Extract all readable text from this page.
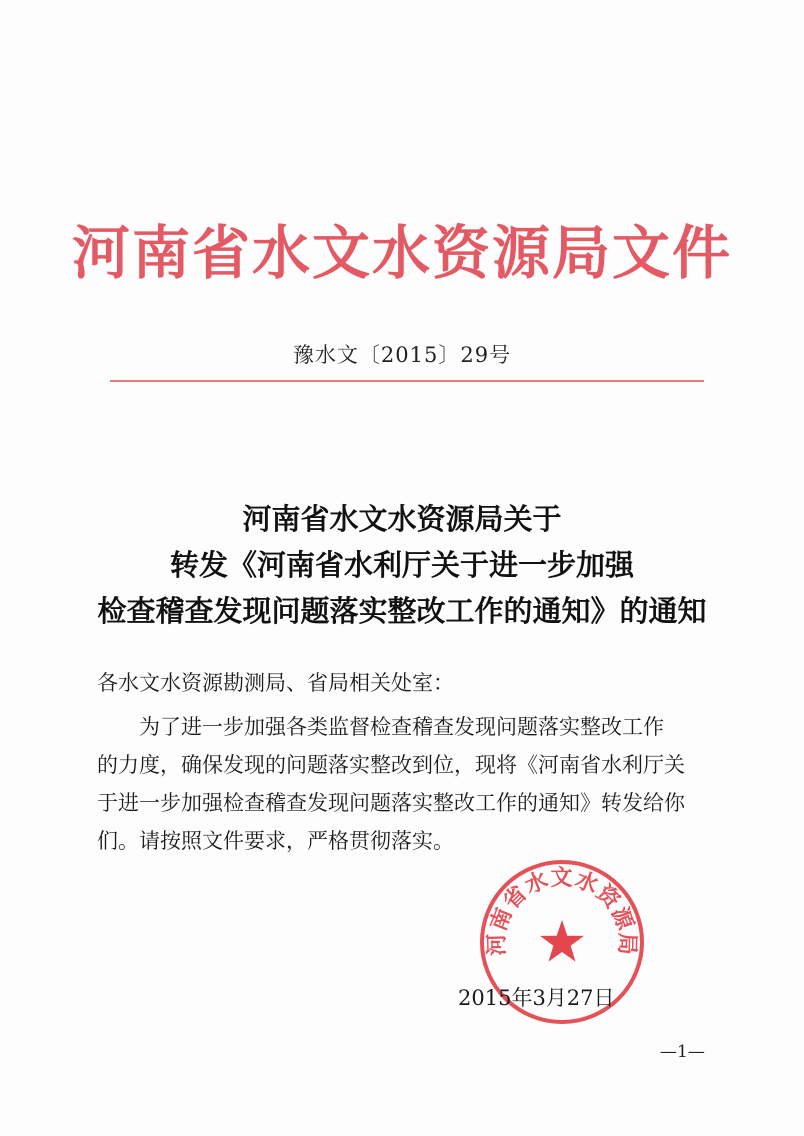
河南省水文水资源局文件
豫水文〔2015〕29号
河南省水文水资源局关于
转发《河南省水利厅关于进一步加强
检查稽查发现问题落实整改工作的通知》的通知
各水文水资源勘测局、省局相关处室：
为了进一步加强各类监督检查稽查发现问题落实整改工作
的力度，确保发现的问题落实整改到位，现将《河南省水利厅关
于进一步加强检查稽查发现问题落实整改工作的通知》转发给你
们。请按照文件要求，严格贯彻落实。
河南省水文水资源局
2015年3月27日
—1—
